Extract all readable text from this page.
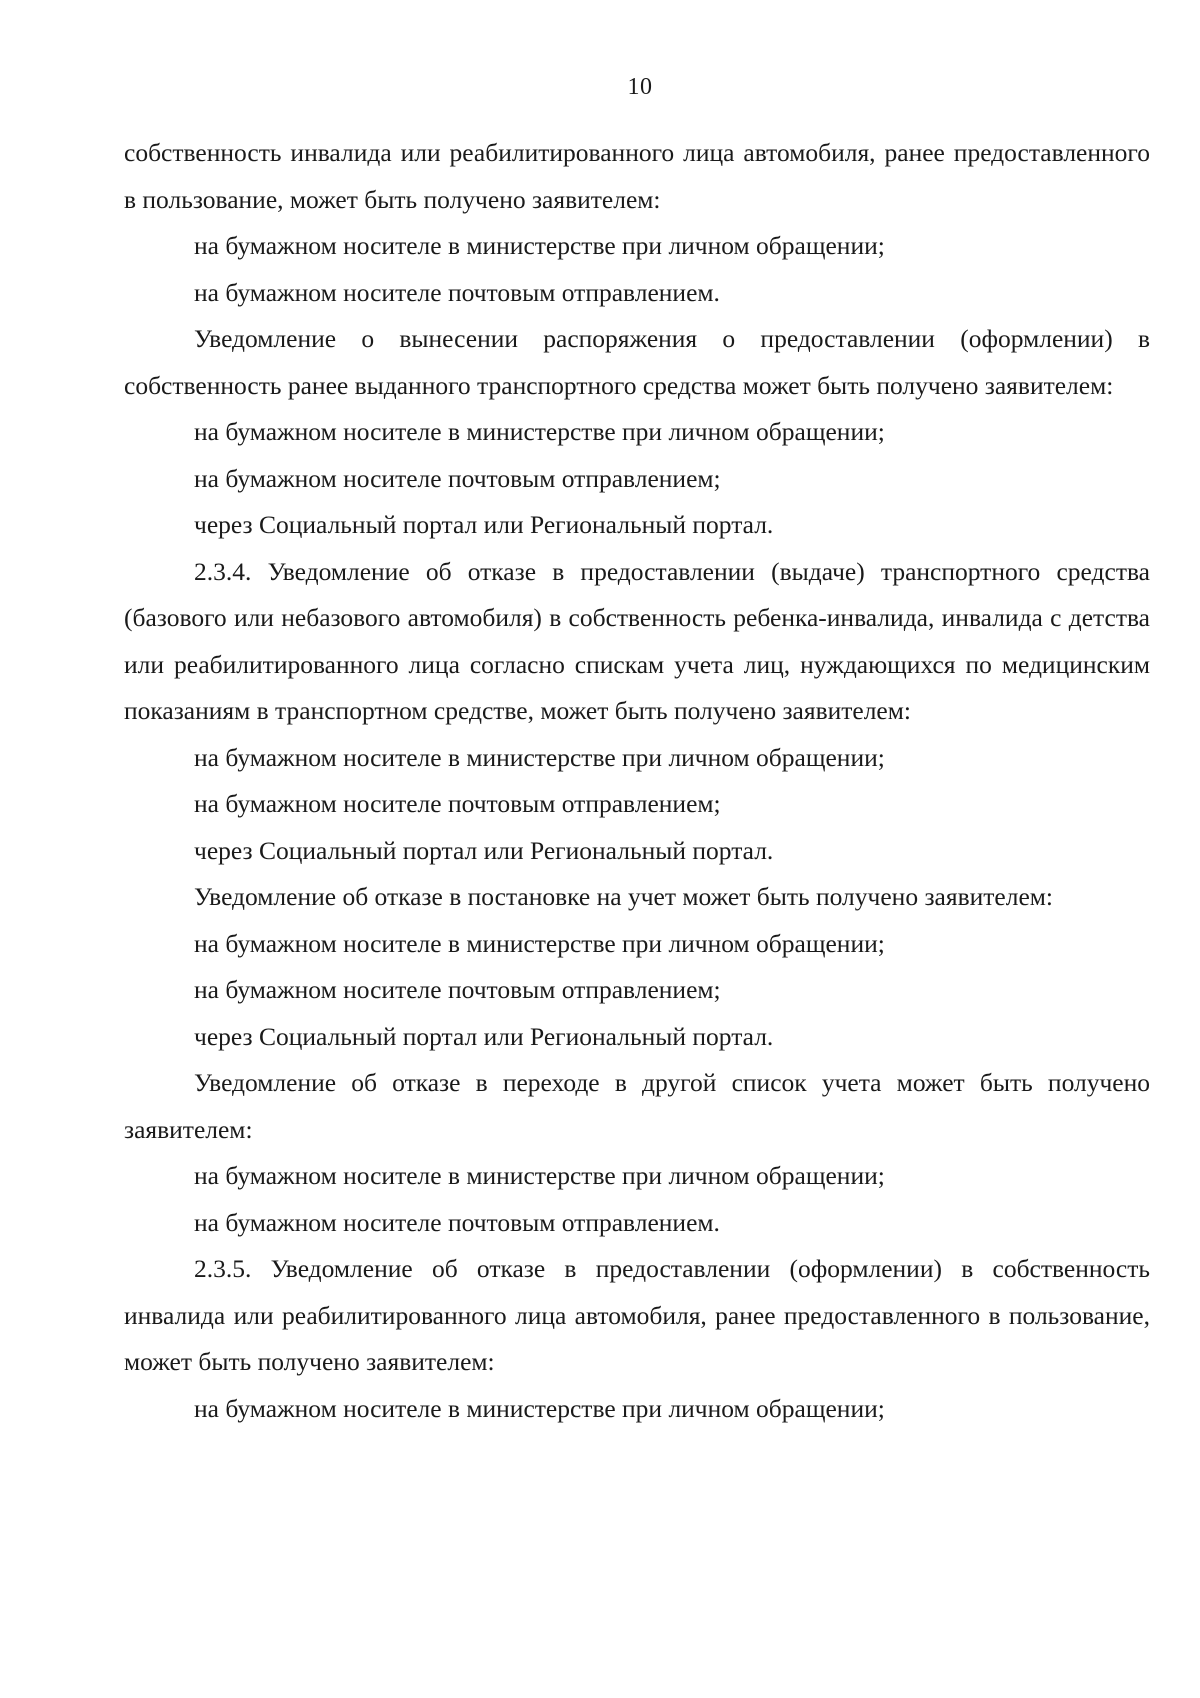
10

собственность инвалида или реабилитированного лица автомобиля, ранее предоставленного в пользование, может быть получено заявителем:

на бумажном носителе в министерстве при личном обращении;

на бумажном носителе почтовым отправлением.

Уведомление о вынесении распоряжения о предоставлении (оформлении) в собственность ранее выданного транспортного средства может быть получено заявителем:

на бумажном носителе в министерстве при личном обращении;

на бумажном носителе почтовым отправлением;

через Социальный портал или Региональный портал.

2.3.4. Уведомление об отказе в предоставлении (выдаче) транспортного средства (базового или небазового автомобиля) в собственность ребенка-инвалида, инвалида с детства или реабилитированного лица согласно спискам учета лиц, нуждающихся по медицинским показаниям в транспортном средстве, может быть получено заявителем:

на бумажном носителе в министерстве при личном обращении;

на бумажном носителе почтовым отправлением;

через Социальный портал или Региональный портал.

Уведомление об отказе в постановке на учет может быть получено заявителем:

на бумажном носителе в министерстве при личном обращении;

на бумажном носителе почтовым отправлением;

через Социальный портал или Региональный портал.

Уведомление об отказе в переходе в другой список учета может быть получено заявителем:

на бумажном носителе в министерстве при личном обращении;

на бумажном носителе почтовым отправлением.

2.3.5. Уведомление об отказе в предоставлении (оформлении) в собственность инвалида или реабилитированного лица автомобиля, ранее предоставленного в пользование, может быть получено заявителем:

на бумажном носителе в министерстве при личном обращении;
